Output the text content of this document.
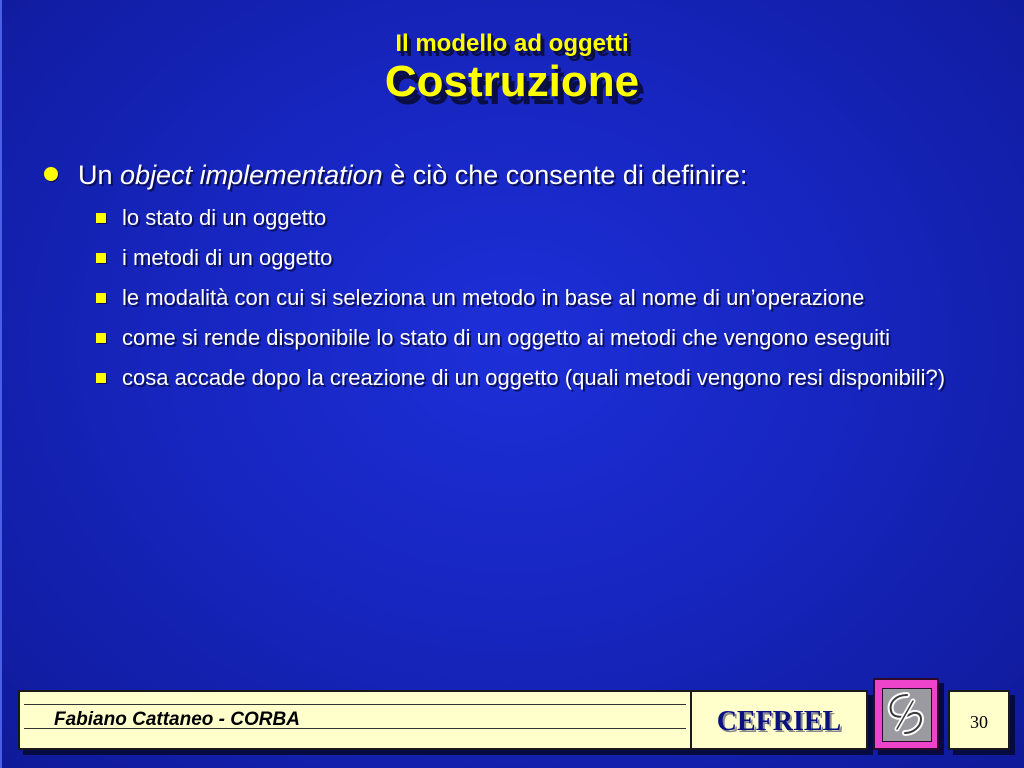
Il modello ad oggetti
Costruzione
Un object implementation è ciò che consente di definire:
lo stato di un oggetto
i metodi di un oggetto
le modalità con cui si seleziona un metodo in base al nome di un’operazione
come si rende disponibile lo stato di un oggetto ai metodi che vengono eseguiti
cosa accade dopo la creazione di un oggetto (quali metodi vengono resi disponibili?)
Fabiano Cattaneo - CORBA	CEFRIEL	30
